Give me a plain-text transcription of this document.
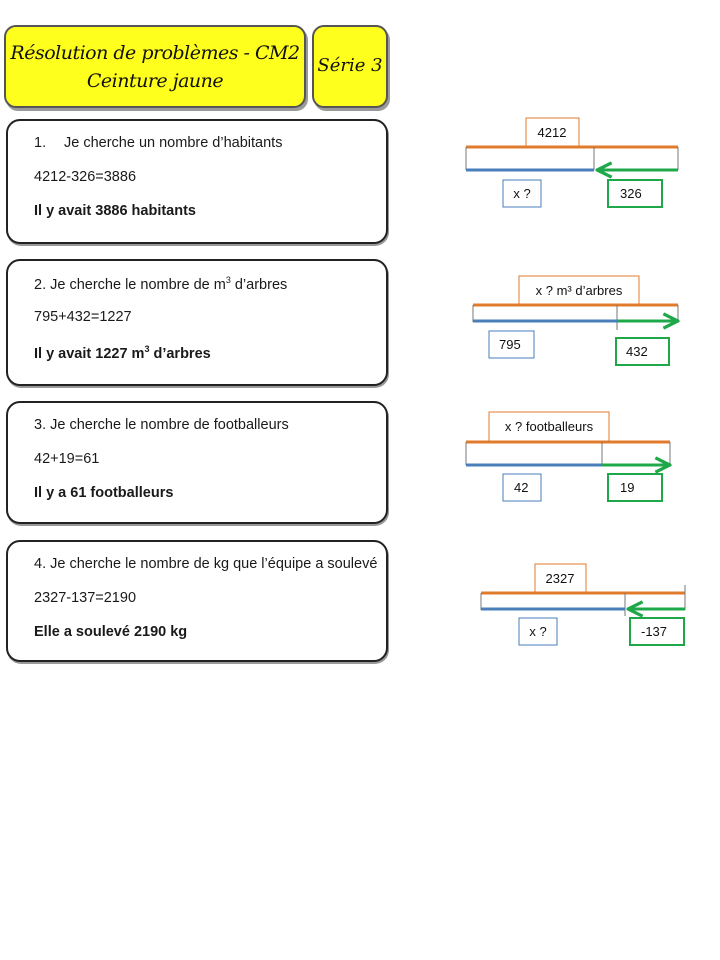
Résolution de problèmes - CM2
Ceinture jaune
Série 3
1. Je cherche un nombre d’habitants
4212-326=3886
Il y avait 3886 habitants
2. Je cherche le nombre de $m^3$ d’arbres
795+432=1227
Il y avait 1227 $m^3$ d’arbres
3. Je cherche le nombre de footballeurs
42+19=61
Il y a 61 footballeurs
4. Je cherche le nombre de kg que l’équipe a soulevé
2327-137=2190
Elle a soulevé 2190 kg
4212
x ?	326
x ? m³ d’arbres
795	432
x ? footballeurs
42	19
2327
x ?	-137
